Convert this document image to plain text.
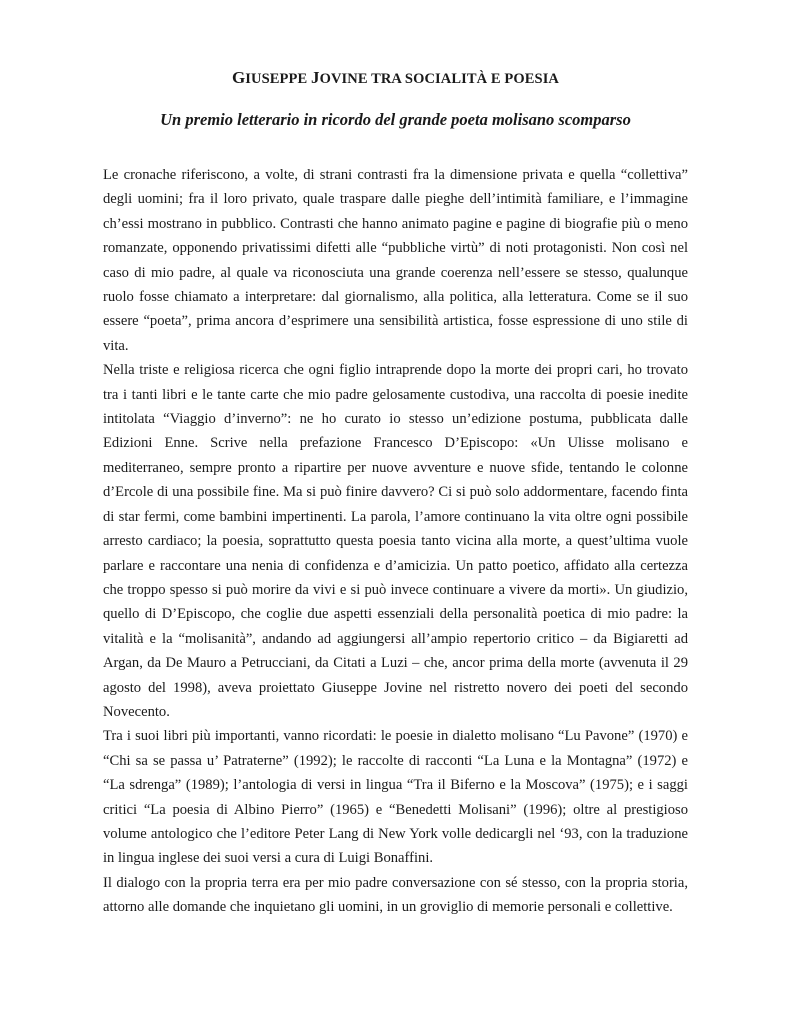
GIUSEPPE JOVINE TRA SOCIALITÀ E POESIA
Un premio letterario in ricordo del grande poeta molisano scomparso

Le cronache riferiscono, a volte, di strani contrasti fra la dimensione privata e quella “collettiva” degli uomini; fra il loro privato, quale traspare dalle pieghe dell’intimità familiare, e l’immagine ch’essi mostrano in pubblico. Contrasti che hanno animato pagine e pagine di biografie più o meno romanzate, opponendo privatissimi difetti alle “pubbliche virtù” di noti protagonisti. Non così nel caso di mio padre, al quale va riconosciuta una grande coerenza nell’essere se stesso, qualunque ruolo fosse chiamato a interpretare: dal giornalismo, alla politica, alla letteratura. Come se il suo essere “poeta”, prima ancora d’esprimere una sensibilità artistica, fosse espressione di uno stile di vita.

Nella triste e religiosa ricerca che ogni figlio intraprende dopo la morte dei propri cari, ho trovato tra i tanti libri e le tante carte che mio padre gelosamente custodiva, una raccolta di poesie inedite intitolata “Viaggio d’inverno”: ne ho curato io stesso un’edizione postuma, pubblicata dalle Edizioni Enne. Scrive nella prefazione Francesco D’Episcopo: «Un Ulisse molisano e mediterraneo, sempre pronto a ripartire per nuove avventure e nuove sfide, tentando le colonne d’Ercole di una possibile fine. Ma si può finire davvero? Ci si può solo addormentare, facendo finta di star fermi, come bambini impertinenti. La parola, l’amore continuano la vita oltre ogni possibile arresto cardiaco; la poesia, soprattutto questa poesia tanto vicina alla morte, a quest’ultima vuole parlare e raccontare una nenia di confidenza e d’amicizia. Un patto poetico, affidato alla certezza che troppo spesso si può morire da vivi e si può invece continuare a vivere da morti». Un giudizio, quello di D’Episcopo, che coglie due aspetti essenziali della personalità poetica di mio padre: la vitalità e la “molisanità”, andando ad aggiungersi all’ampio repertorio critico – da Bigiaretti ad Argan, da De Mauro a Petrucciani, da Citati a Luzi – che, ancor prima della morte (avvenuta il 29 agosto del 1998), aveva proiettato Giuseppe Jovine nel ristretto novero dei poeti del secondo Novecento.

Tra i suoi libri più importanti, vanno ricordati: le poesie in dialetto molisano “Lu Pavone” (1970) e “Chi sa se passa u’ Patraterne” (1992); le raccolte di racconti “La Luna e la Montagna” (1972) e “La sdrenga” (1989); l’antologia di versi in lingua “Tra il Biferno e la Moscova” (1975); e i saggi critici “La poesia di Albino Pierro” (1965) e “Benedetti Molisani” (1996); oltre al prestigioso volume antologico che l’editore Peter Lang di New York volle dedicargli nel ‘93, con la traduzione in lingua inglese dei suoi versi a cura di Luigi Bonaffini.

Il dialogo con la propria terra era per mio padre conversazione con sé stesso, con la propria storia, attorno alle domande che inquietano gli uomini, in un groviglio di memorie personali e collettive.
